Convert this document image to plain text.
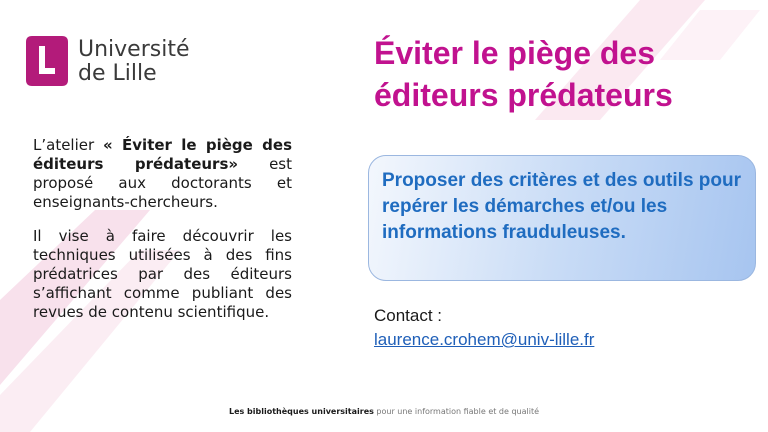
Université
de Lille
Éviter le piège des
éditeurs prédateurs

L’atelier « Éviter le piège des éditeurs prédateurs» est proposé aux doctorants et enseignants-chercheurs.

Il vise à faire découvrir les techniques utilisées à des fins prédatrices par des éditeurs s’affichant comme publiant des revues de contenu scientifique.

Proposer des critères et des outils pour repérer les démarches et/ou les informations frauduleuses.

Contact :
laurence.crohem@univ-lille.fr
Les bibliothèques universitaires pour une information fiable et de qualité
